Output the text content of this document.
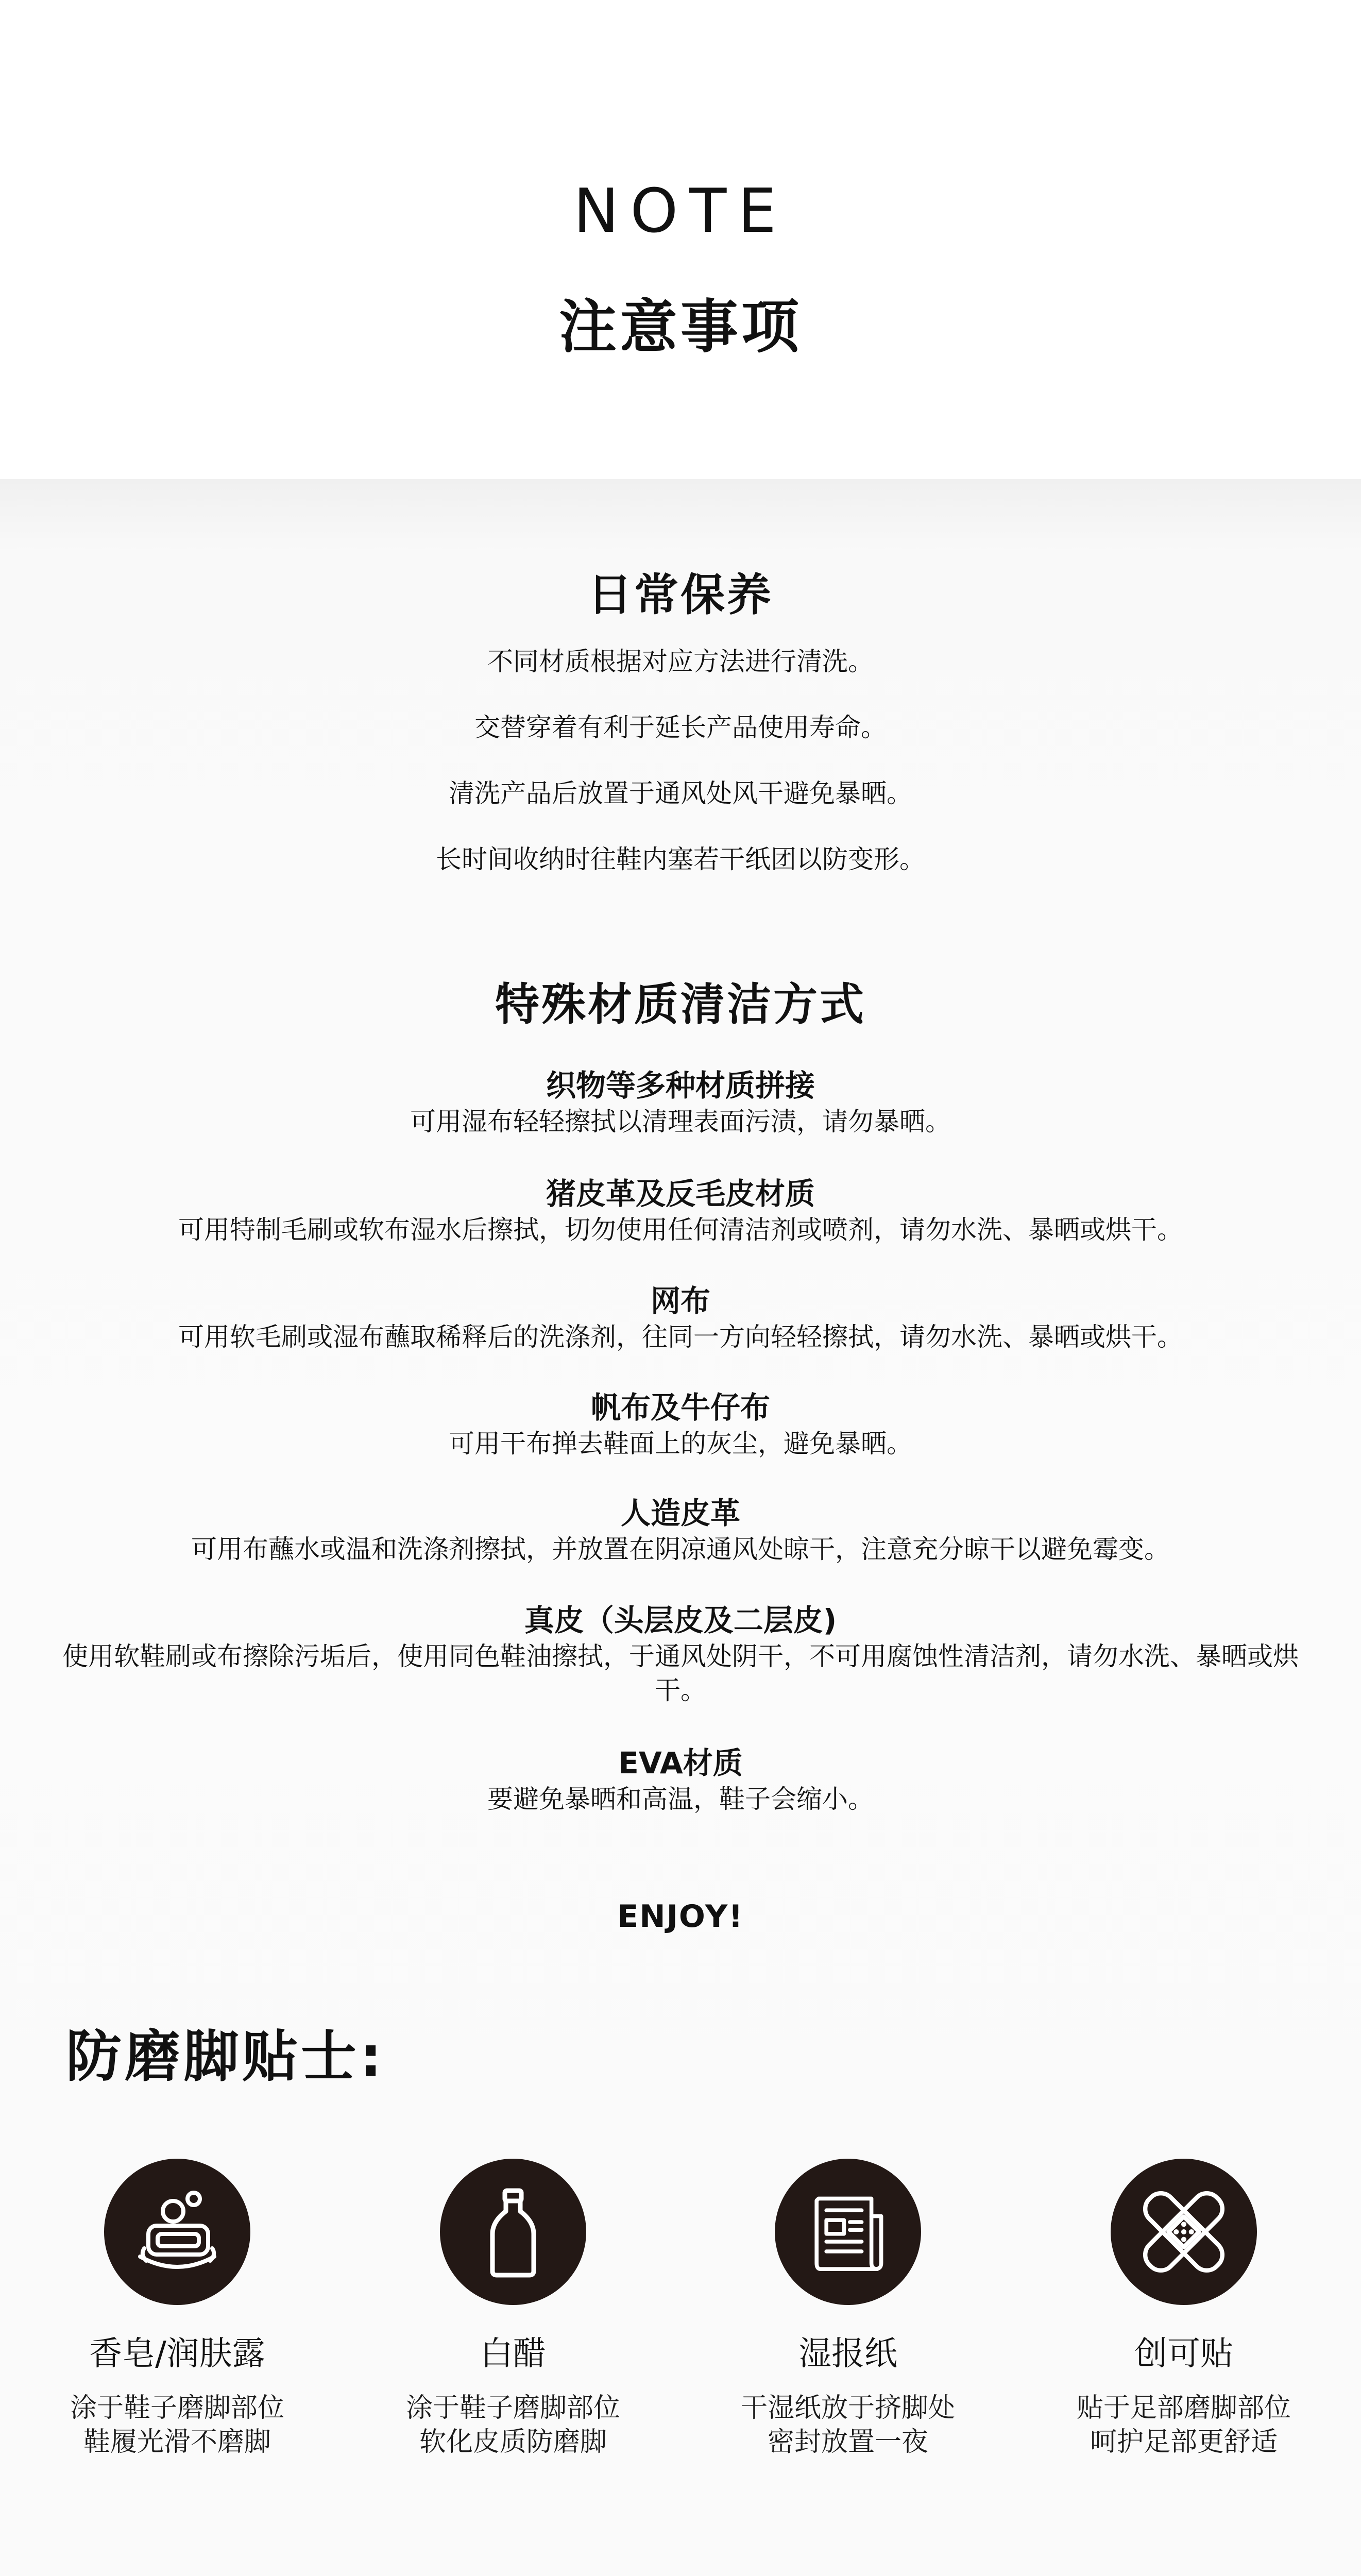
NOTE
注意事项
日常保养
不同材质根据对应方法进行清洗。
交替穿着有利于延长产品使用寿命。
清洗产品后放置于通风处风干避免暴晒。
长时间收纳时往鞋内塞若干纸团以防变形。
特殊材质清洁方式
织物等多种材质拼接
可用湿布轻轻擦拭以清理表面污渍，请勿暴晒。
猪皮革及反毛皮材质
可用特制毛刷或软布湿水后擦拭，切勿使用任何清洁剂或喷剂，请勿水洗、暴晒或烘干。
网布
可用软毛刷或湿布蘸取稀释后的洗涤剂，往同一方向轻轻擦拭，请勿水洗、暴晒或烘干。
帆布及牛仔布
可用干布掸去鞋面上的灰尘，避免暴晒。
人造皮革
可用布蘸水或温和洗涤剂擦拭，并放置在阴凉通风处晾干，注意充分晾干以避免霉变。
真皮（头层皮及二层皮)
使用软鞋刷或布擦除污垢后，使用同色鞋油擦拭，于通风处阴干，不可用腐蚀性清洁剂，请勿水洗、暴晒或烘干。
EVA材质
要避免暴晒和高温，鞋子会缩小。
ENJOY!
防磨脚贴士:
香皂/润肤露
涂于鞋子磨脚部位
鞋履光滑不磨脚
白醋
涂于鞋子磨脚部位
软化皮质防磨脚
湿报纸
干湿纸放于挤脚处
密封放置一夜
创可贴
贴于足部磨脚部位
呵护足部更舒适
